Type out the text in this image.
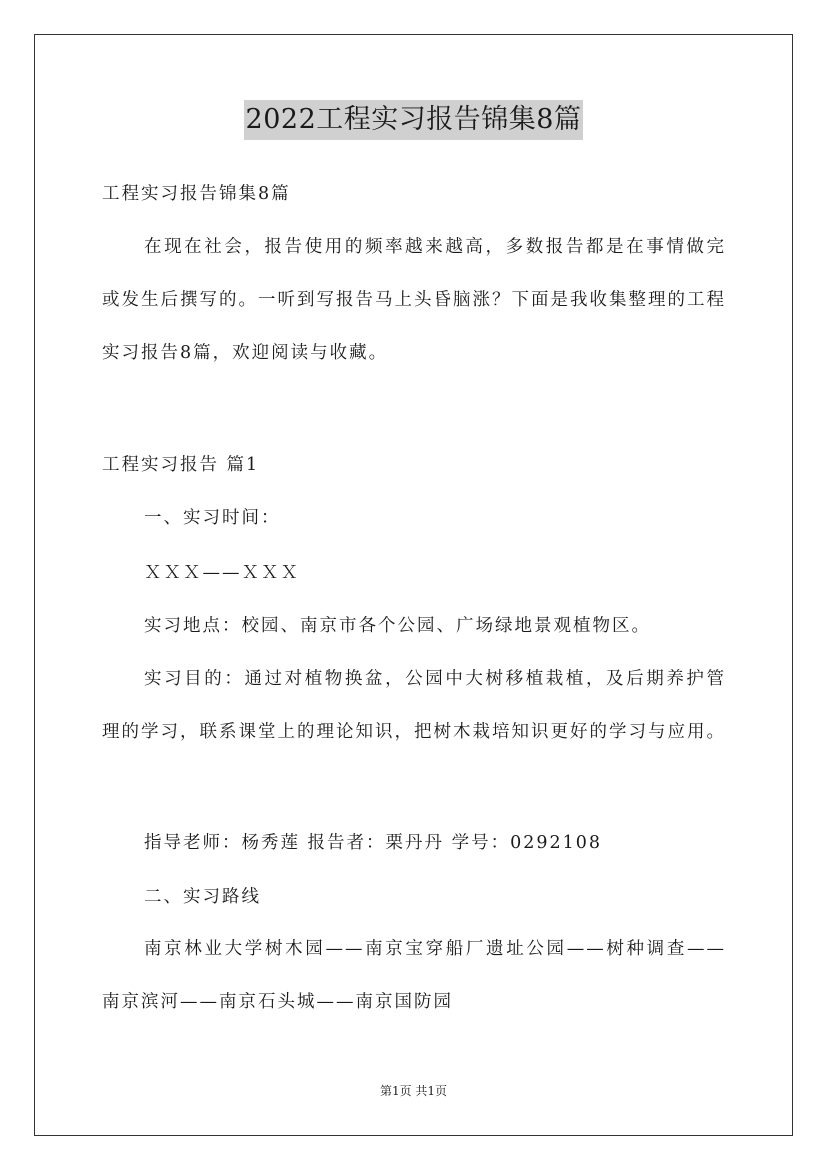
2022工程实习报告锦集8篇
工程实习报告锦集8篇
在现在社会，报告使用的频率越来越高，多数报告都是在事情做完或发生后撰写的。一听到写报告马上头昏脑涨？下面是我收集整理的工程实习报告8篇，欢迎阅读与收藏。
工程实习报告 篇1
一、实习时间：
ＸＸＸ——ＸＸＸ
实习地点：校园、南京市各个公园、广场绿地景观植物区。
实习目的：通过对植物换盆，公园中大树移植栽植，及后期养护管理的学习，联系课堂上的理论知识，把树木栽培知识更好的学习与应用。
指导老师：杨秀莲 报告者：栗丹丹 学号：0292108
二、实习路线
南京林业大学树木园——南京宝穿船厂遗址公园——树种调查——南京滨河——南京石头城——南京国防园
第1页 共1页
